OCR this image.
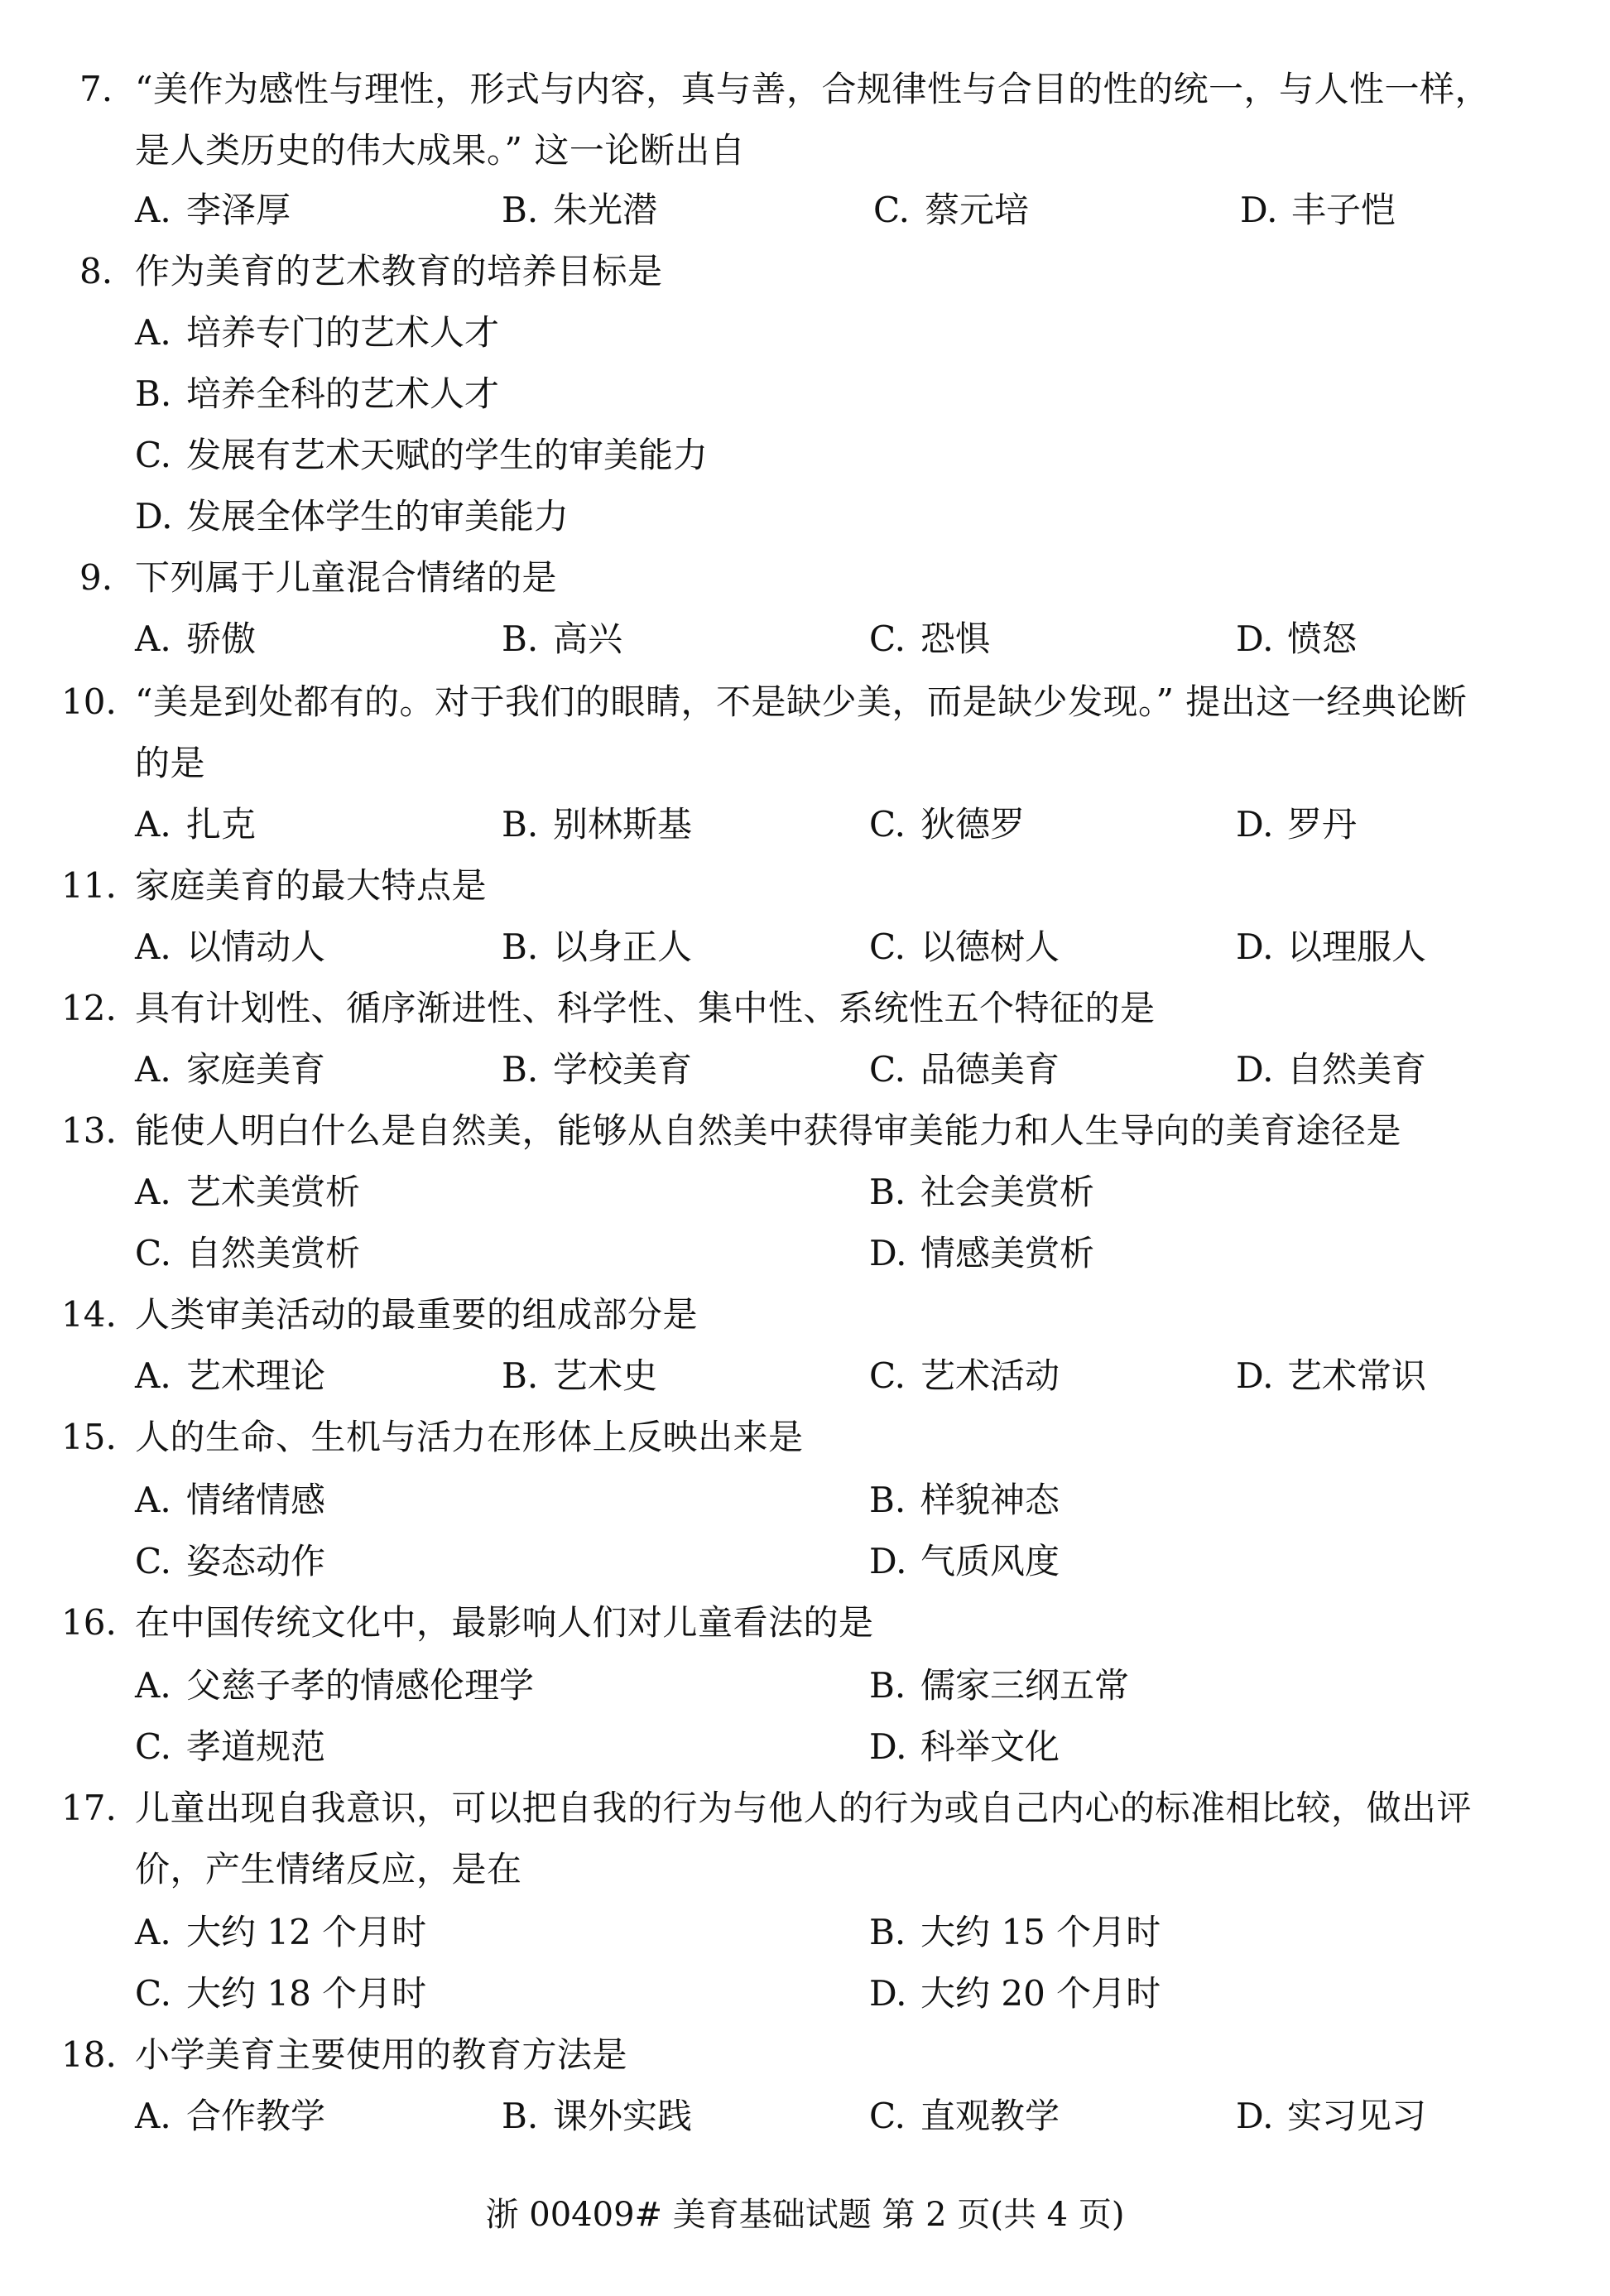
7. “美作为感性与理性，形式与内容，真与善，合规律性与合目的性的统一，与人性一样，
是人类历史的伟大成果。” 这一论断出自
A. 李泽厚	B. 朱光潜	C. 蔡元培	D. 丰子恺
8. 作为美育的艺术教育的培养目标是
A. 培养专门的艺术人才
B. 培养全科的艺术人才
C. 发展有艺术天赋的学生的审美能力
D. 发展全体学生的审美能力
9. 下列属于儿童混合情绪的是
A. 骄傲	B. 高兴	C. 恐惧	D. 愤怒
10. “美是到处都有的。对于我们的眼睛，不是缺少美，而是缺少发现。” 提出这一经典论断
的是
A. 扎克	B. 别林斯基	C. 狄德罗	D. 罗丹
11. 家庭美育的最大特点是
A. 以情动人	B. 以身正人	C. 以德树人	D. 以理服人
12. 具有计划性、循序渐进性、科学性、集中性、系统性五个特征的是
A. 家庭美育	B. 学校美育	C. 品德美育	D. 自然美育
13. 能使人明白什么是自然美，能够从自然美中获得审美能力和人生导向的美育途径是
A. 艺术美赏析	B. 社会美赏析
C. 自然美赏析	D. 情感美赏析
14. 人类审美活动的最重要的组成部分是
A. 艺术理论	B. 艺术史	C. 艺术活动	D. 艺术常识
15. 人的生命、生机与活力在形体上反映出来是
A. 情绪情感	B. 样貌神态
C. 姿态动作	D. 气质风度
16. 在中国传统文化中，最影响人们对儿童看法的是
A. 父慈子孝的情感伦理学	B. 儒家三纲五常
C. 孝道规范	D. 科举文化
17. 儿童出现自我意识，可以把自我的行为与他人的行为或自己内心的标准相比较，做出评
价，产生情绪反应，是在
A. 大约 12 个月时	B. 大约 15 个月时
C. 大约 18 个月时	D. 大约 20 个月时
18. 小学美育主要使用的教育方法是
A. 合作教学	B. 课外实践	C. 直观教学	D. 实习见习
浙 00409# 美育基础试题 第 2 页(共 4 页)
